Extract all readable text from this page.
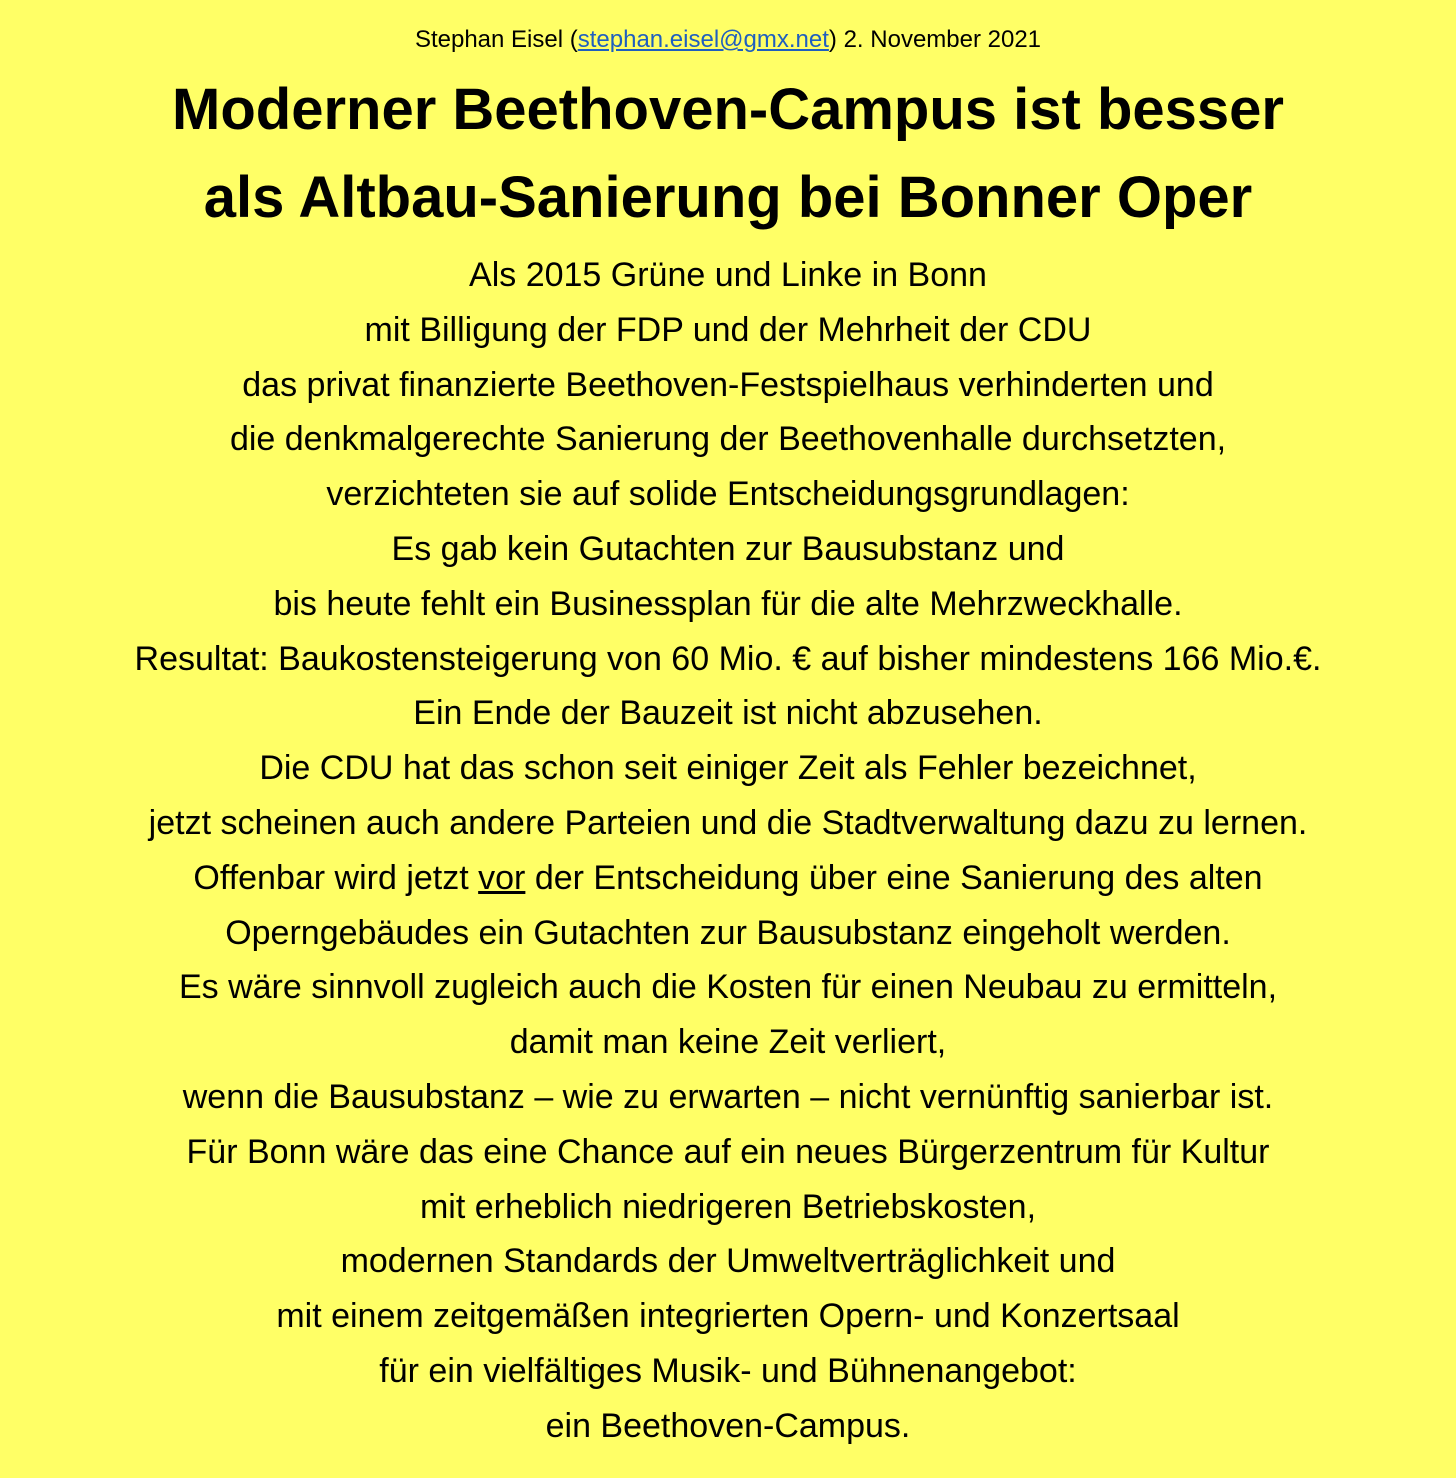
Stephan Eisel (stephan.eisel@gmx.net) 2. November 2021
Moderner Beethoven-Campus ist besser
als Altbau-Sanierung bei Bonner Oper
Als 2015 Grüne und Linke in Bonn
mit Billigung der FDP und der Mehrheit der CDU
das privat finanzierte Beethoven-Festspielhaus verhinderten und
die denkmalgerechte Sanierung der Beethovenhalle durchsetzten,
verzichteten sie auf solide Entscheidungsgrundlagen:
Es gab kein Gutachten zur Bausubstanz und
bis heute fehlt ein Businessplan für die alte Mehrzweckhalle.
Resultat: Baukostensteigerung von 60 Mio. € auf bisher mindestens 166 Mio.€.
Ein Ende der Bauzeit ist nicht abzusehen.
Die CDU hat das schon seit einiger Zeit als Fehler bezeichnet,
jetzt scheinen auch andere Parteien und die Stadtverwaltung dazu zu lernen.
Offenbar wird jetzt vor der Entscheidung über eine Sanierung des alten
Operngebäudes ein Gutachten zur Bausubstanz eingeholt werden.
Es wäre sinnvoll zugleich auch die Kosten für einen Neubau zu ermitteln,
damit man keine Zeit verliert,
wenn die Bausubstanz – wie zu erwarten – nicht vernünftig sanierbar ist.
Für Bonn wäre das eine Chance auf ein neues Bürgerzentrum für Kultur
mit erheblich niedrigeren Betriebskosten,
modernen Standards der Umweltverträglichkeit und
mit einem zeitgemäßen integrierten Opern- und Konzertsaal
für ein vielfältiges Musik- und Bühnenangebot:
ein Beethoven-Campus.
